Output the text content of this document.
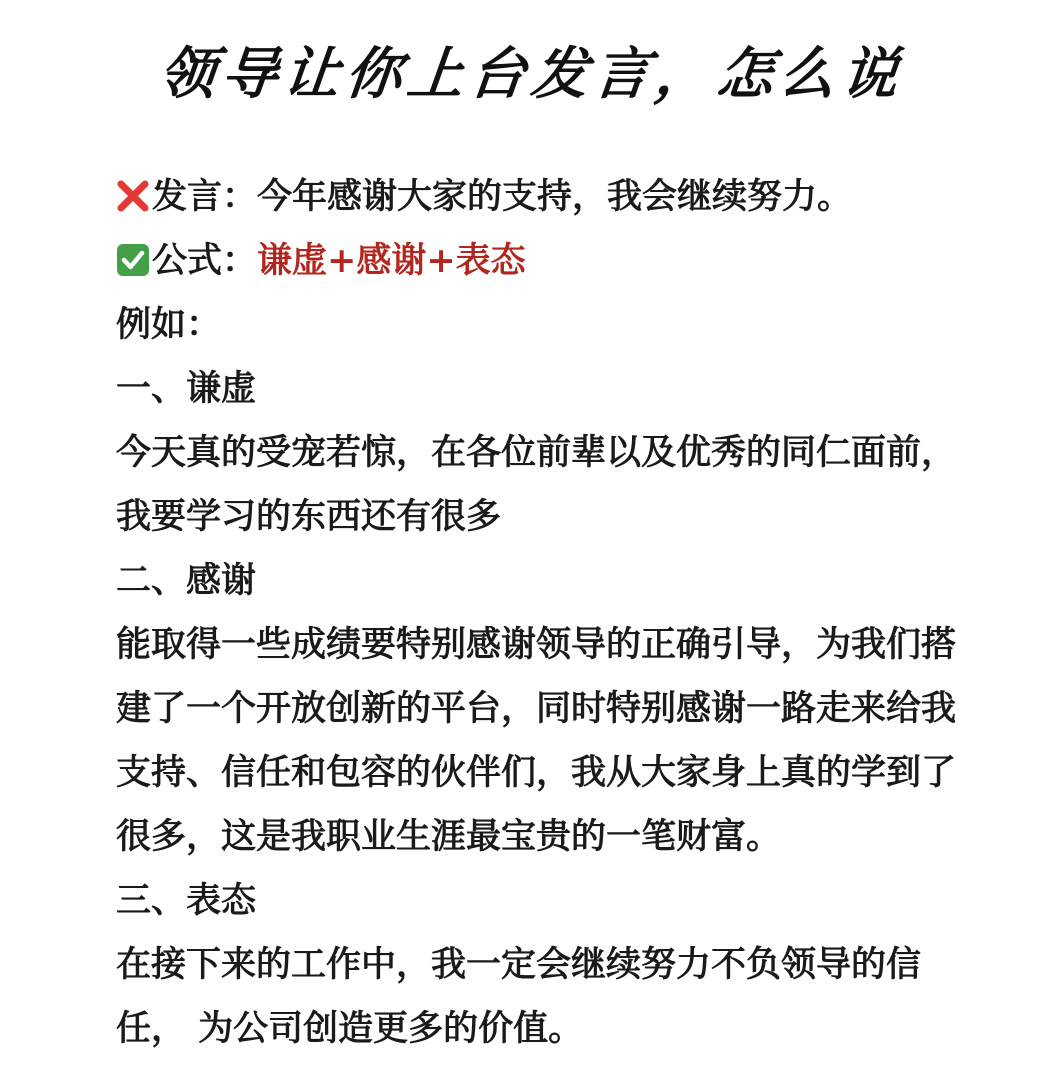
领导让你上台发言，怎么说
发言：今年感谢大家的支持，我会继续努力。
公式：谦虚+感谢+表态
例如：
一、谦虚
今天真的受宠若惊，在各位前辈以及优秀的同仁面前，我要学习的东西还有很多
二、感谢
能取得一些成绩要特别感谢领导的正确引导，为我们搭建了一个开放创新的平台，同时特别感谢一路走来给我支持、信任和包容的伙伴们，我从大家身上真的学到了很多，这是我职业生涯最宝贵的一笔财富。
三、表态
在接下来的工作中，我一定会继续努力不负领导的信任， 为公司创造更多的价值。
